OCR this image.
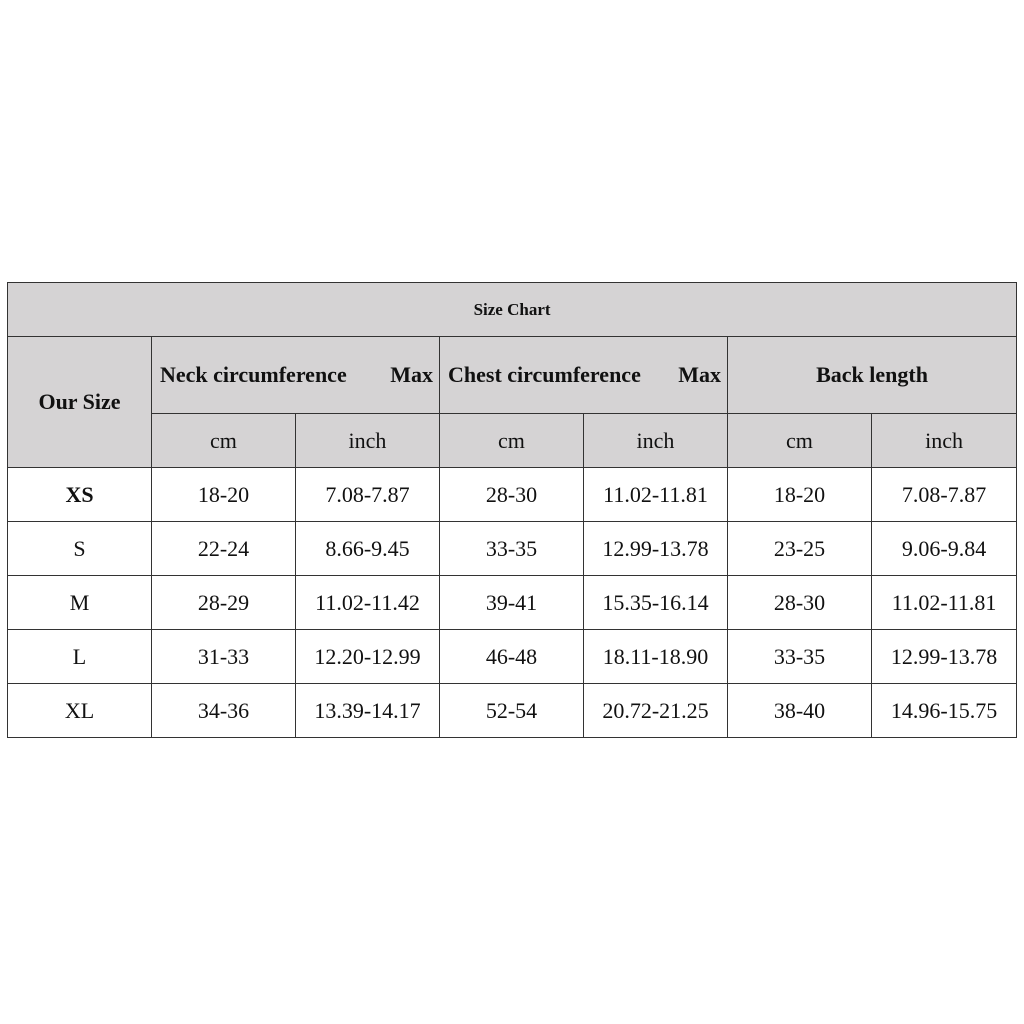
Size Chart						
Our Size	Neck circumference Max		Chest circumference Max		Back length	
	cm	inch	cm	inch	cm	inch
XS	18-20	7.08-7.87	28-30	11.02-11.81	18-20	7.08-7.87
S	22-24	8.66-9.45	33-35	12.99-13.78	23-25	9.06-9.84
M	28-29	11.02-11.42	39-41	15.35-16.14	28-30	11.02-11.81
L	31-33	12.20-12.99	46-48	18.11-18.90	33-35	12.99-13.78
XL	34-36	13.39-14.17	52-54	20.72-21.25	38-40	14.96-15.75
